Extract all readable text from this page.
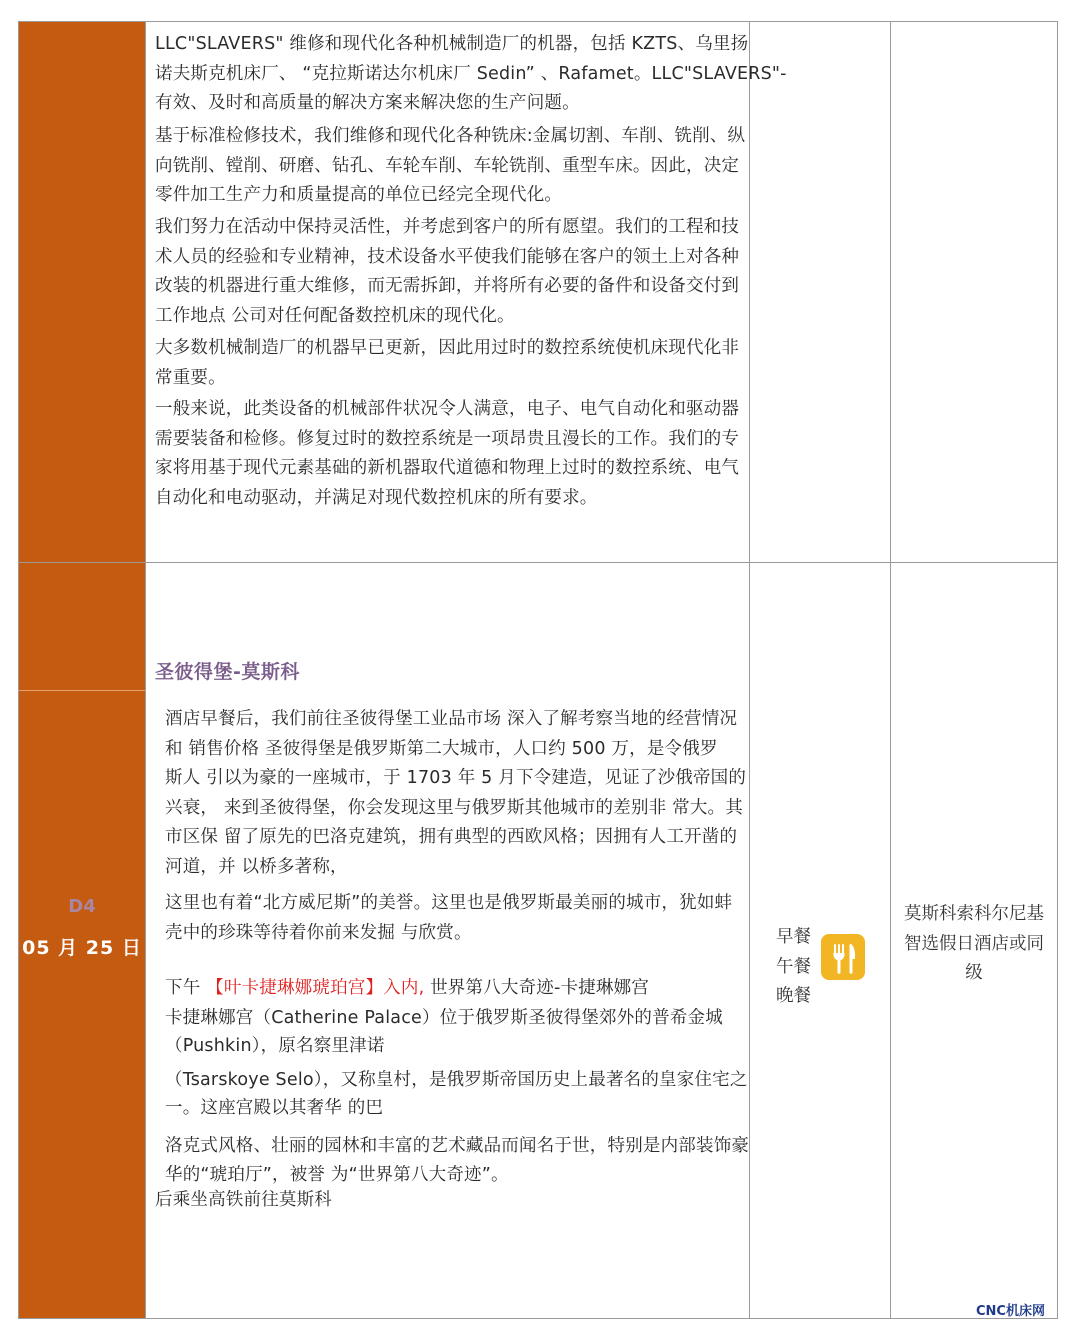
LLC"SLAVERS" 维修和现代化各种机械制造厂的机器，包括 KZTS、乌里扬
诺夫斯克机床厂、 “克拉斯诺达尔机床厂 Sedin” 、Rafamet。LLC"SLAVERS"-
有效、及时和高质量的解决方案来解决您的生产问题。
基于标准检修技术，我们维修和现代化各种铣床:金属切割、车削、铣削、纵
向铣削、镗削、研磨、钻孔、车轮车削、车轮铣削、重型车床。因此，决定
零件加工生产力和质量提高的单位已经完全现代化。
我们努力在活动中保持灵活性，并考虑到客户的所有愿望。我们的工程和技
术人员的经验和专业精神，技术设备水平使我们能够在客户的领土上对各种
改装的机器进行重大维修，而无需拆卸，并将所有必要的备件和设备交付到
工作地点 公司对任何配备数控机床的现代化。
大多数机械制造厂的机器早已更新，因此用过时的数控系统使机床现代化非
常重要。
一般来说，此类设备的机械部件状况令人满意，电子、电气自动化和驱动器
需要装备和检修。修复过时的数控系统是一项昂贵且漫长的工作。我们的专
家将用基于现代元素基础的新机器取代道德和物理上过时的数控系统、电气
自动化和电动驱动，并满足对现代数控机床的所有要求。
D4
05 月 25 日
圣彼得堡-莫斯科
酒店早餐后，我们前往圣彼得堡工业品市场 深入了解考察当地的经营情况
和 销售价格 圣彼得堡是俄罗斯第二大城市，人口约 500 万，是令俄罗
斯人 引以为豪的一座城市，于 1703 年 5 月下令建造，见证了沙俄帝国的
兴衰， 来到圣彼得堡，你会发现这里与俄罗斯其他城市的差别非 常大。其
市区保 留了原先的巴洛克建筑，拥有典型的西欧风格；因拥有人工开凿的
河道，并 以桥多著称，
这里也有着“北方威尼斯”的美誉。这里也是俄罗斯最美丽的城市，犹如蚌
壳中的珍珠等待着你前来发掘 与欣赏。
下午 【叶卡捷琳娜琥珀宫】入内, 世界第八大奇迹-卡捷琳娜宫
卡捷琳娜宫（Catherine Palace）位于俄罗斯圣彼得堡郊外的普希金城
（Pushkin），原名察里津诺
（Tsarskoye Selo），又称皇村，是俄罗斯帝国历史上最著名的皇家住宅之
一。这座宫殿以其奢华 的巴
洛克式风格、壮丽的园林和丰富的艺术藏品而闻名于世，特别是内部装饰豪
华的“琥珀厅”，被誉 为“世界第八大奇迹”。
后乘坐高铁前往莫斯科
早餐
午餐
晚餐
莫斯科索科尔尼基
智选假日酒店或同
级
CNC机床网
